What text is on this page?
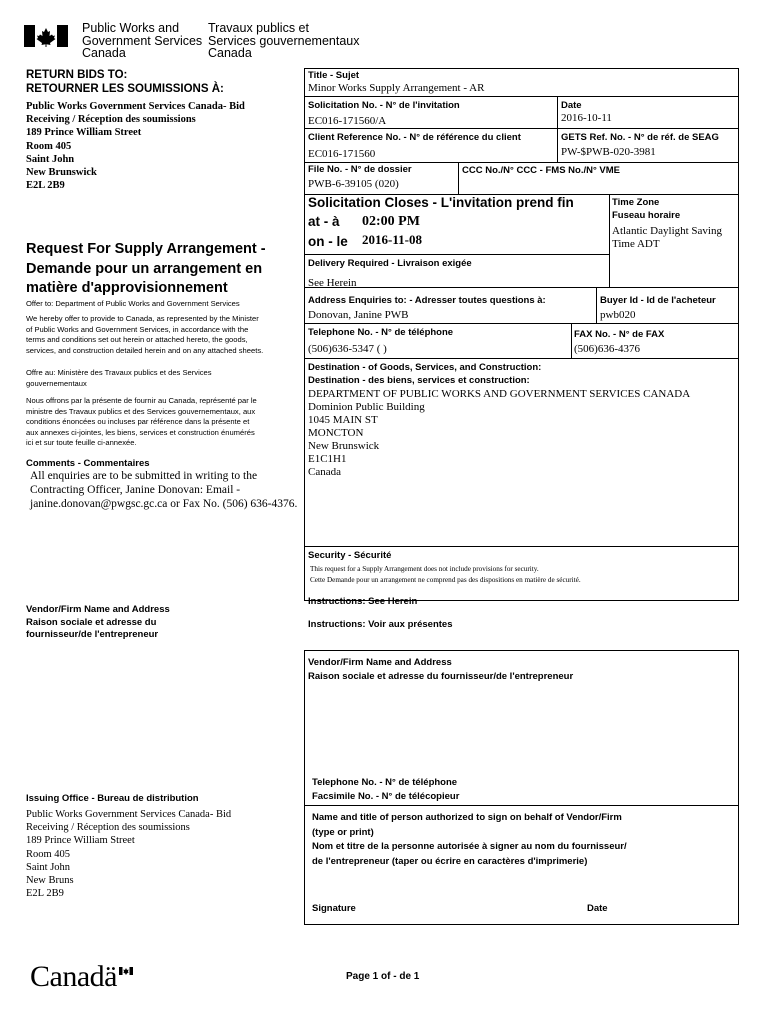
Public Works and
Government Services
Canada
Travaux publics et
Services gouvernementaux
Canada
RETURN BIDS TO:
RETOURNER LES SOUMISSIONS À:
Public Works Government Services Canada- Bid
Receiving / Réception des soumissions
189 Prince William Street
Room 405
Saint John
New Brunswick
E2L 2B9
Request For Supply Arrangement -
Demande pour un arrangement en
matière d'approvisionnement
Offer to: Department of Public Works and Government Services
We hereby offer to provide to Canada, as represented by the Minister
of Public Works and Government Services, in accordance with the
terms and conditions set out herein or attached hereto, the goods,
services, and construction detailed herein and on any attached sheets.
Offre au: Ministère des Travaux publics et des Services
gouvernementaux
Nous offrons par la présente de fournir au Canada, représenté par le
ministre des Travaux publics et des Services gouvernementaux, aux
conditions énoncées ou incluses par référence dans la présente et
aux annexes ci-jointes, les biens, services et construction énumérés
ici et sur toute feuille ci-annexée.
Comments - Commentaires
All enquiries are to be submitted in writing to the
Contracting Officer, Janine Donovan: Email -
janine.donovan@pwgsc.gc.ca or Fax No. (506) 636-4376.
Vendor/Firm Name and Address
Raison sociale et adresse du
fournisseur/de l'entrepreneur
Issuing Office - Bureau de distribution
Public Works Government Services Canada- Bid
Receiving / Réception des soumissions
189 Prince William Street
Room 405
Saint John
New Bruns
E2L 2B9
Title - Sujet
Minor Works Supply Arrangement - AR
Solicitation No. - N° de l'invitation
EC016-171560/A
Date
2016-10-11
Client Reference No. - N° de référence du client
EC016-171560
GETS Ref. No. - N° de réf. de SEAG
PW-$PWB-020-3981
File No. - N° de dossier
PWB-6-39105 (020)
CCC No./N° CCC - FMS No./N° VME
Solicitation Closes - L'invitation prend fin
at - à 02:00 PM
on - le 2016-11-08
Time Zone
Fuseau horaire
Atlantic Daylight Saving
Time ADT
Delivery Required - Livraison exigée
See Herein
Address Enquiries to: - Adresser toutes questions à:
Donovan, Janine PWB
Buyer Id - Id de l'acheteur
pwb020
Telephone No. - N° de téléphone
(506)636-5347 ( )
FAX No. - N° de FAX
(506)636-4376
Destination - of Goods, Services, and Construction:
Destination - des biens, services et construction:
DEPARTMENT OF PUBLIC WORKS AND GOVERNMENT SERVICES CANADA
Dominion Public Building
1045 MAIN ST
MONCTON
New Brunswick
E1C1H1
Canada
Security - Sécurité
This request for a Supply Arrangement does not include provisions for security.
Cette Demande pour un arrangement ne comprend pas des dispositions en matière de sécurité.
Instructions: See Herein
Instructions: Voir aux présentes
Vendor/Firm Name and Address
Raison sociale et adresse du fournisseur/de l'entrepreneur
Telephone No. - N° de téléphone
Facsimile No. - N° de télécopieur
Name and title of person authorized to sign on behalf of Vendor/Firm
(type or print)
Nom et titre de la personne autorisée à signer au nom du fournisseur/
de l'entrepreneur (taper ou écrire en caractères d'imprimerie)
Signature	Date
Canadä	Page 1 of - de 1
